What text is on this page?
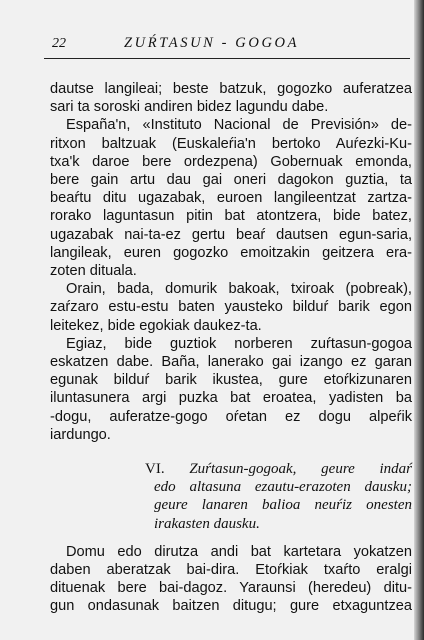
22	ZUŔTASUN - GOGOA

dautse langileai; beste batzuk, gogozko auferatzea
sari ta soroski andiren bidez lagundu dabe.

España'n, «Instituto Nacional de Previsión» de-
ritxon baltzuak (Euskaleŕia'n bertoko Auŕezki-Ku-
txa'k daroe bere ordezpena) Gobernuak emonda,
bere gain artu dau gai oneri dagokon guztia, ta
beaŕtu ditu ugazabak, euroen langileentzat zartza-
rorako laguntasun pitin bat atontzera, bide batez,
ugazabak nai-ta-ez gertu beaŕ dautsen egun-saria,
langileak, euren gogozko emoitzakin geitzera era-
zoten dituala.

Orain, bada, domurik bakoak, txiroak (pobreak),
zaŕzaro estu-estu baten yausteko bilduŕ barik egon
leitekez, bide egokiak daukez-ta.

Egiaz, bide guztiok norberen zuŕtasun-gogoa
eskatzen dabe. Baña, lanerako gai izango ez garan
egunak bilduŕ barik ikustea, gure etoŕkizunaren
iluntasunera argi puzka bat eroatea, yadisten ba
-dogu, auferatze-gogo oŕetan ez dogu alpeŕik
iardungo.

VI. Zuŕtasun-gogoak, geure indaŕ
edo altasuna ezautu-erazoten dausku;
geure lanaren balioa neuŕiz onesten
irakasten dausku.

Domu edo dirutza andi bat kartetara yokatzen
daben aberatzak bai-dira. Etoŕkiak txaŕto eralgi
dituenak bere bai-dagoz. Yaraunsi (heredeu) ditu-
gun ondasunak baitzen ditugu; gure etxaguntzea
